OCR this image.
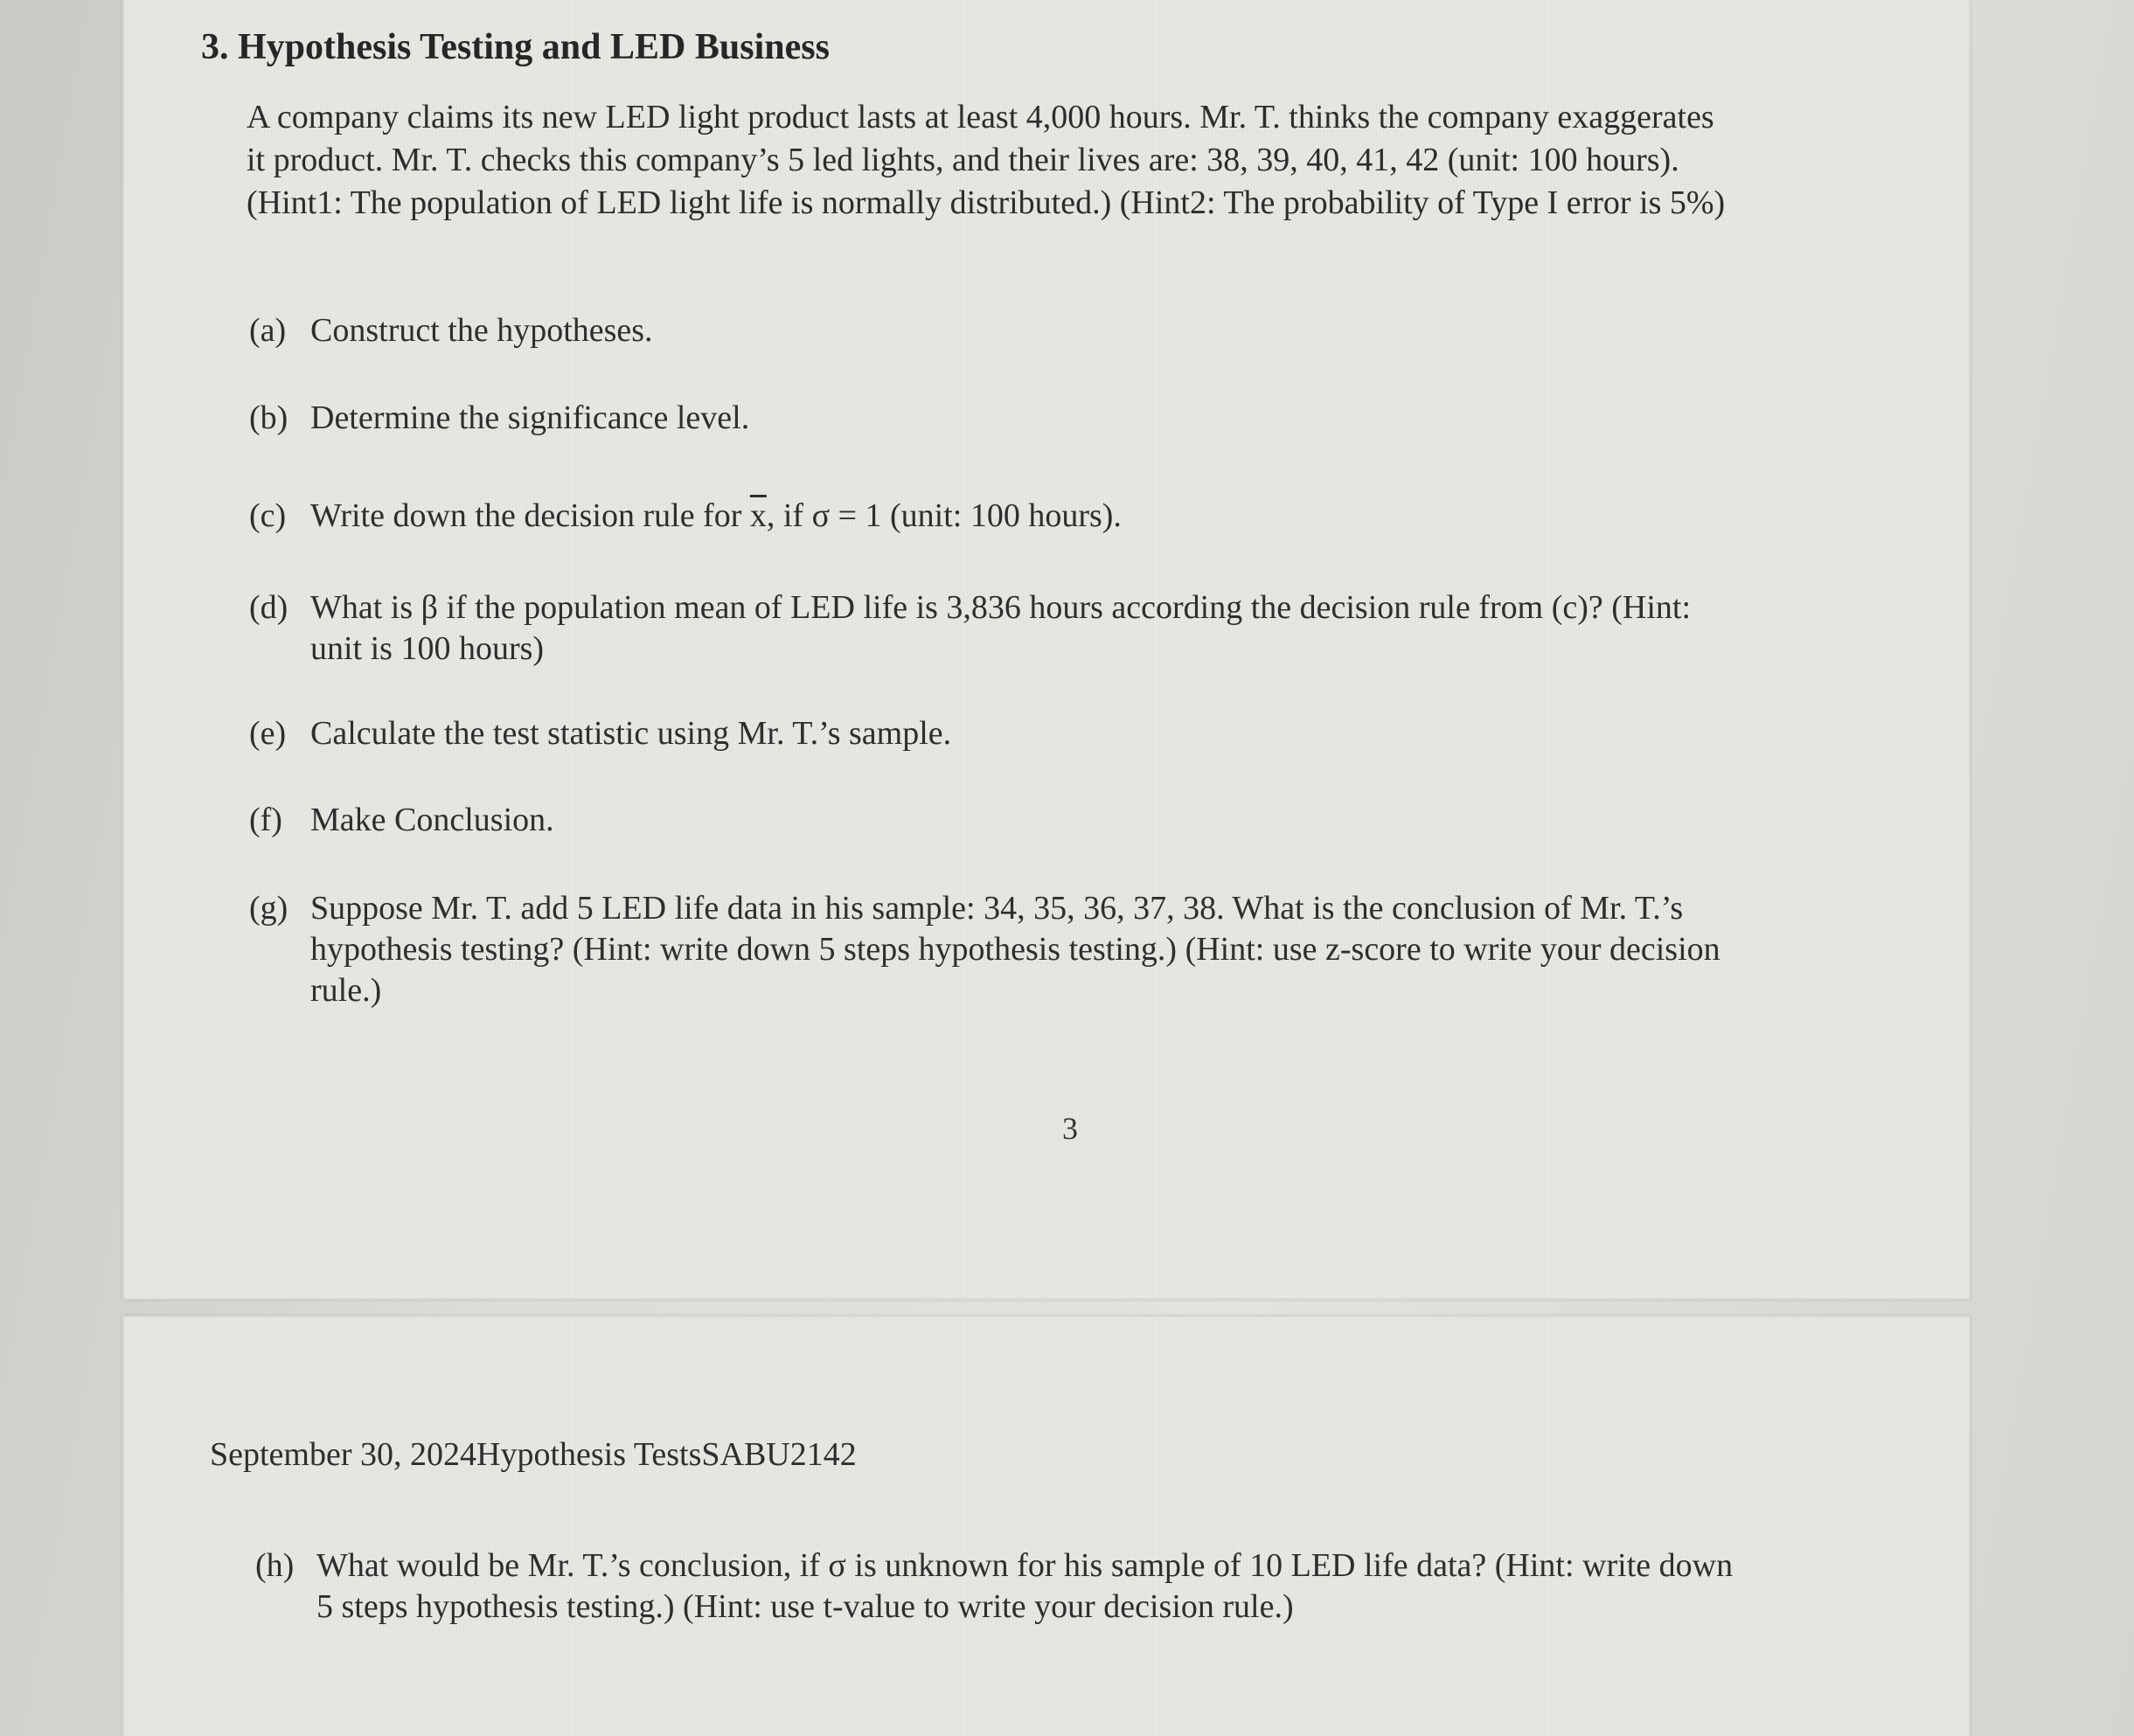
3. Hypothesis Testing and LED Business
A company claims its new LED light product lasts at least 4,000 hours. Mr. T. thinks the company exaggerates
it product. Mr. T. checks this company’s 5 led lights, and their lives are: 38, 39, 40, 41, 42 (unit: 100 hours).
(Hint1: The population of LED light life is normally distributed.) (Hint2: The probability of Type I error is 5%)
(a) Construct the hypotheses.
(b) Determine the significance level.
(c) Write down the decision rule for $\overline{x}$, if σ = 1 (unit: 100 hours).
(d) What is β if the population mean of LED life is 3,836 hours according the decision rule from (c)? (Hint:
unit is 100 hours)
(e) Calculate the test statistic using Mr. T.’s sample.
(f) Make Conclusion.
(g) Suppose Mr. T. add 5 LED life data in his sample: 34, 35, 36, 37, 38. What is the conclusion of Mr. T.’s
hypothesis testing? (Hint: write down 5 steps hypothesis testing.) (Hint: use z-score to write your decision
rule.)
3
September 30, 2024Hypothesis TestsSABU2142
(h) What would be Mr. T.’s conclusion, if σ is unknown for his sample of 10 LED life data? (Hint: write down
5 steps hypothesis testing.) (Hint: use t-value to write your decision rule.)
